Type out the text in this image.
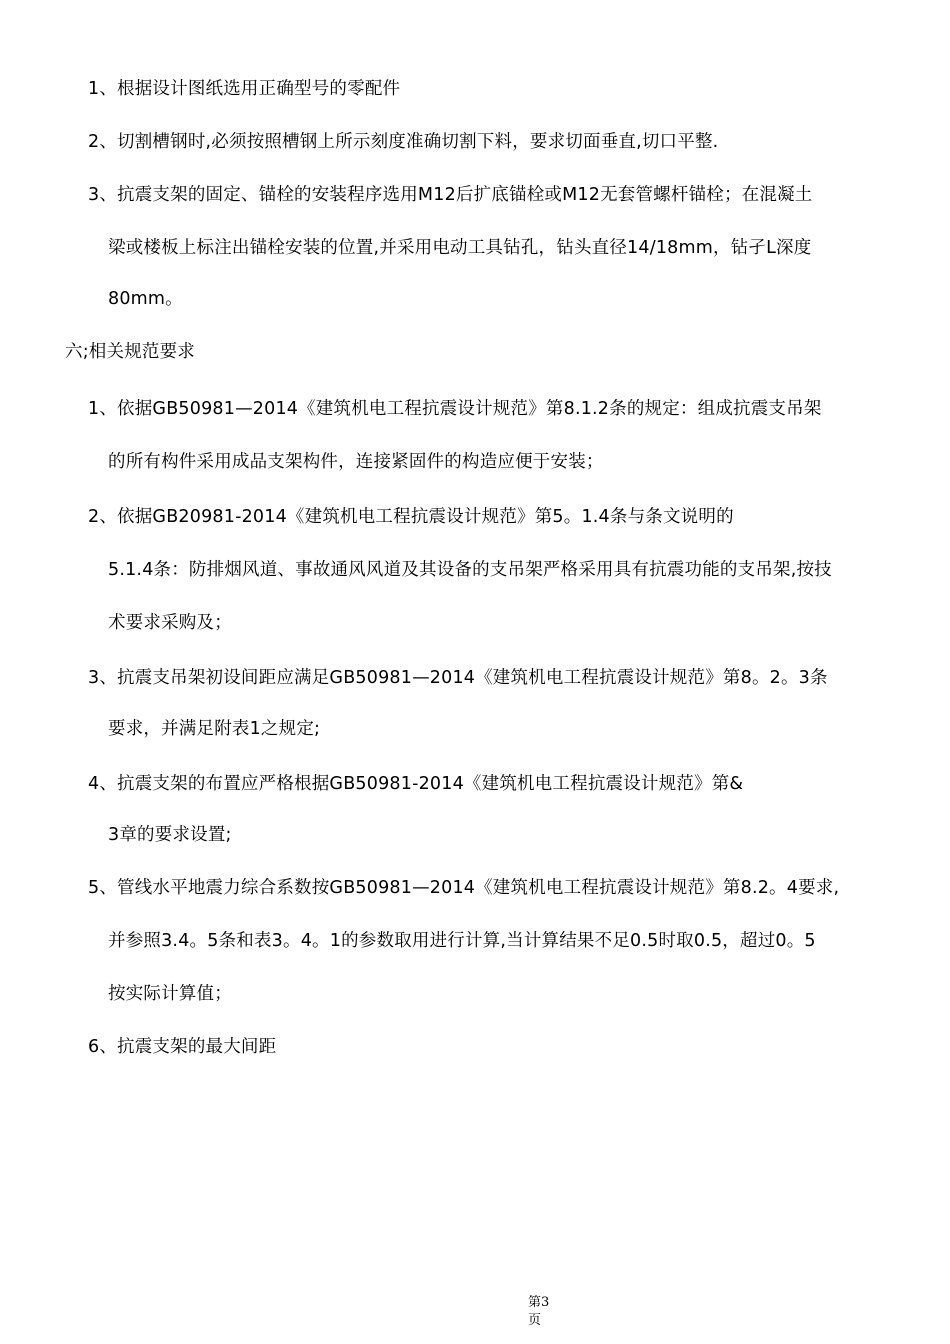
1、根据设计图纸选用正确型号的零配件
2、切割槽钢时,必须按照槽钢上所示刻度准确切割下料，要求切面垂直,切口平整.
3、抗震支架的固定、锚栓的安装程序选用M12后扩底锚栓或M12无套管螺杆锚栓；在混凝土
梁或楼板上标注出锚栓安装的位置,并采用电动工具钻孔，钻头直径14/18mm，钻孑L深度
80mm。
六;相关规范要求
1、依据GB50981—2014《建筑机电工程抗震设计规范》第8.1.2条的规定：组成抗震支吊架
的所有构件采用成品支架构件，连接紧固件的构造应便于安装；
2、依据GB20981-2014《建筑机电工程抗震设计规范》第5。1.4条与条文说明的
5.1.4条：防排烟风道、事故通风风道及其设备的支吊架严格采用具有抗震功能的支吊架,按技
术要求采购及；
3、抗震支吊架初设间距应满足GB50981—2014《建筑机电工程抗震设计规范》第8。2。3条
要求，并满足附表1之规定;
4、抗震支架的布置应严格根据GB50981-2014《建筑机电工程抗震设计规范》第&
3章的要求设置;
5、管线水平地震力综合系数按GB50981—2014《建筑机电工程抗震设计规范》第8.2。4要求,
并参照3.4。5条和表3。4。1的参数取用进行计算,当计算结果不足0.5时取0.5，超过0。5
按实际计算值；
6、抗震支架的最大间距
第3
页
